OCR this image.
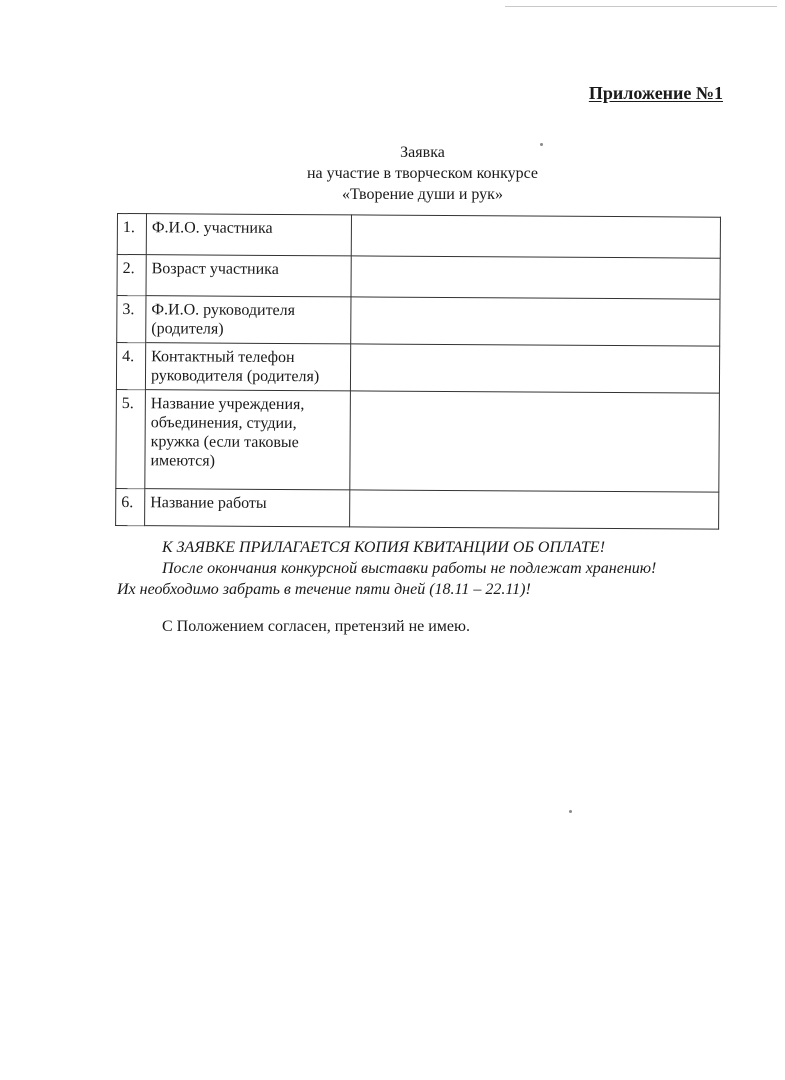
Приложение №1
Заявка
на участие в творческом конкурсе
«Творение души и рук»
1.	Ф.И.О. участника	
2.	Возраст участника	
3.	Ф.И.О. руководителя (родителя)	
4.	Контактный телефон руководителя (родителя)	
5.	Название учреждения, объединения, студии, кружка (если таковые имеются)	
6.	Название работы	
К ЗАЯВКЕ ПРИЛАГАЕТСЯ КОПИЯ КВИТАНЦИИ ОБ ОПЛАТЕ!
После окончания конкурсной выставки работы не подлежат хранению!
Их необходимо забрать в течение пяти дней (18.11 – 22.11)!
С Положением согласен, претензий не имею.
